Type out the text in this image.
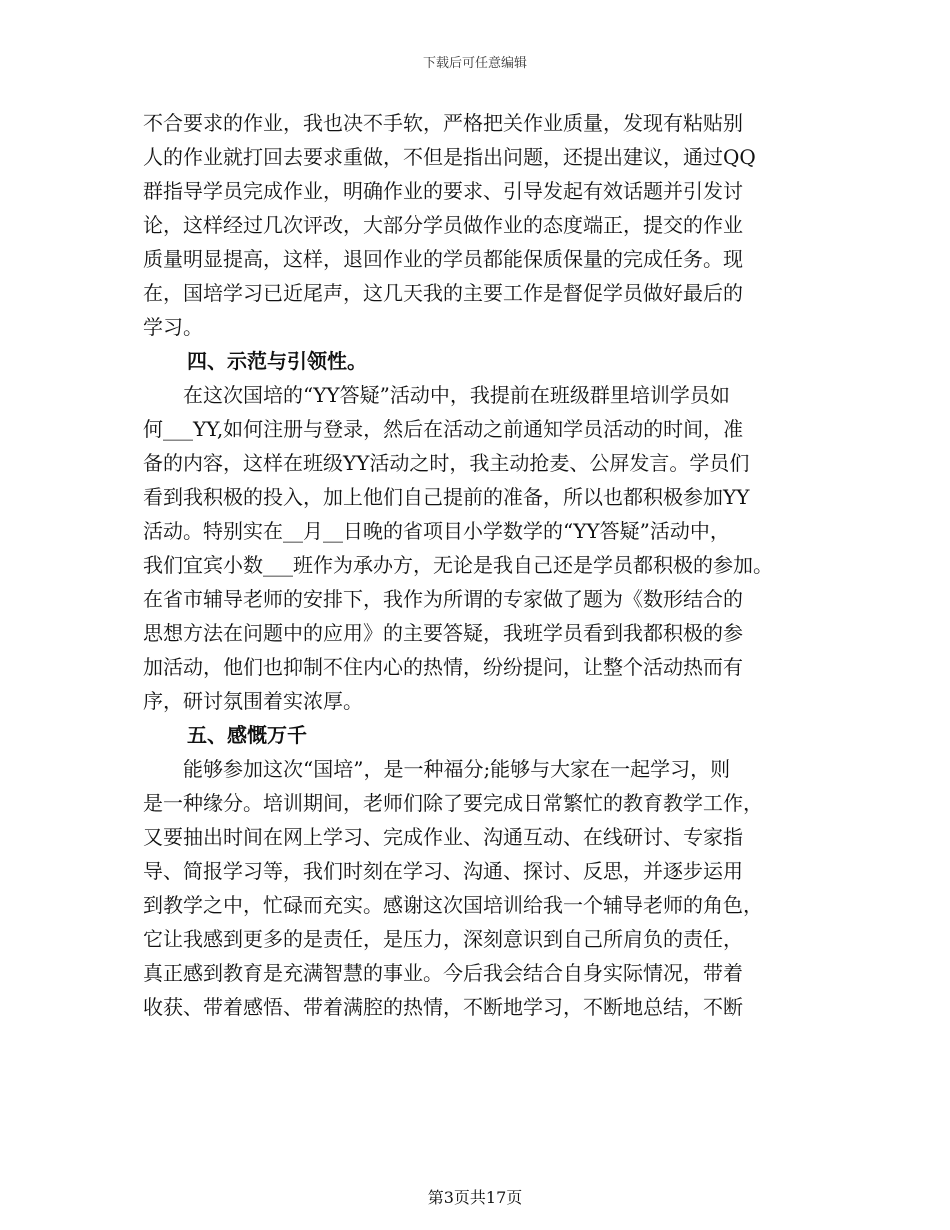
下载后可任意编辑
不合要求的作业，我也决不手软，严格把关作业质量，发现有粘贴别
人的作业就打回去要求重做，不但是指出问题，还提出建议，通过QQ
群指导学员完成作业，明确作业的要求、引导发起有效话题并引发讨
论，这样经过几次评改，大部分学员做作业的态度端正，提交的作业
质量明显提高，这样，退回作业的学员都能保质保量的完成任务。现
在，国培学习已近尾声，这几天我的主要工作是督促学员做好最后的
学习。
四、示范与引领性。
　　在这次国培的“YY答疑”活动中，我提前在班级群里培训学员如
何___YY,如何注册与登录，然后在活动之前通知学员活动的时间，准
备的内容，这样在班级YY活动之时，我主动抢麦、公屏发言。学员们
看到我积极的投入，加上他们自己提前的准备，所以也都积极参加YY
活动。特别实在__月__日晚的省项目小学数学的“YY答疑”活动中，
我们宜宾小数___班作为承办方，无论是我自己还是学员都积极的参加。
在省市辅导老师的安排下，我作为所谓的专家做了题为《数形结合的
思想方法在问题中的应用》的主要答疑，我班学员看到我都积极的参
加活动，他们也抑制不住内心的热情，纷纷提问，让整个活动热而有
序，研讨氛围着实浓厚。
五、感慨万千
　　能够参加这次“国培”，是一种福分;能够与大家在一起学习，则
是一种缘分。培训期间，老师们除了要完成日常繁忙的教育教学工作，
又要抽出时间在网上学习、完成作业、沟通互动、在线研讨、专家指
导、简报学习等，我们时刻在学习、沟通、探讨、反思，并逐步运用
到教学之中，忙碌而充实。感谢这次国培训给我一个辅导老师的角色，
它让我感到更多的是责任，是压力，深刻意识到自己所肩负的责任，
真正感到教育是充满智慧的事业。今后我会结合自身实际情况，带着
收获、带着感悟、带着满腔的热情，不断地学习，不断地总结，不断
第3页共17页
